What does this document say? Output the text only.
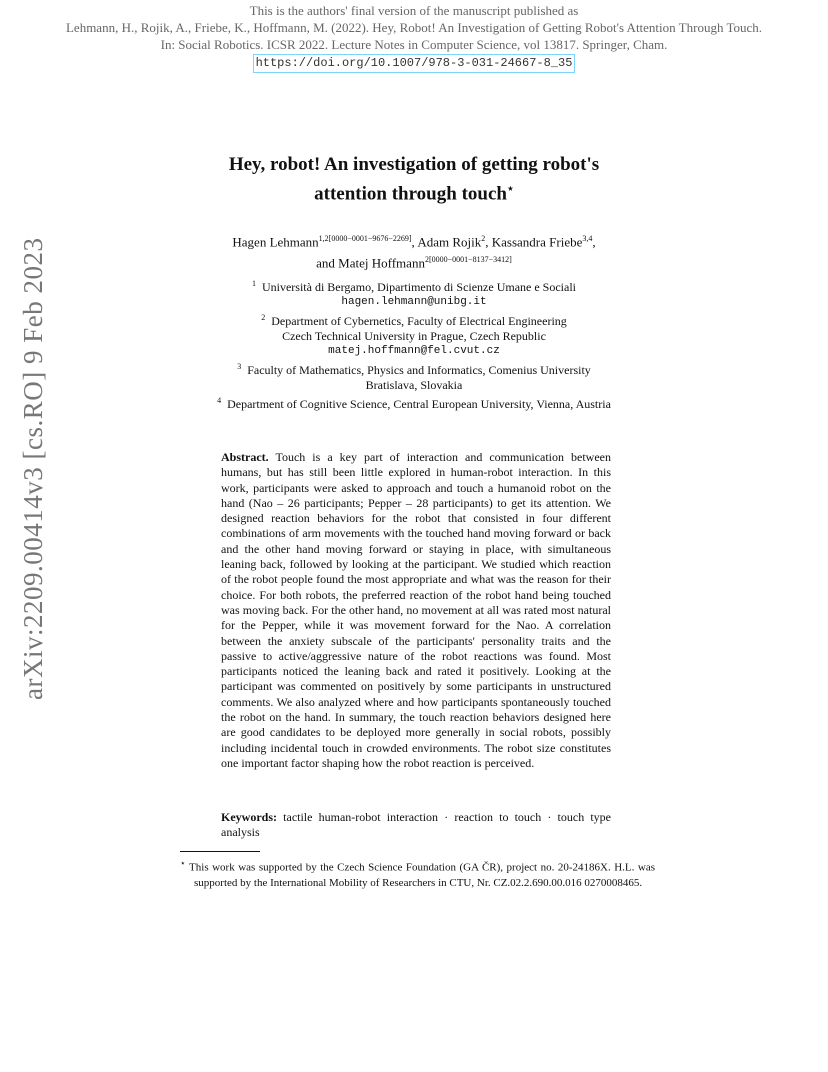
This is the authors' final version of the manuscript published as
Lehmann, H., Rojik, A., Friebe, K., Hoffmann, M. (2022). Hey, Robot! An Investigation of Getting Robot's Attention Through Touch.
In: Social Robotics. ICSR 2022. Lecture Notes in Computer Science, vol 13817. Springer, Cham.
https://doi.org/10.1007/978-3-031-24667-8_35
arXiv:2209.00414v3 [cs.RO] 9 Feb 2023
Hey, robot! An investigation of getting robot's
attention through touch⋆
Hagen Lehmann$^{1,2[0000-0001-9676-2269]}$, Adam Rojik$^2$, Kassandra Friebe$^{3,4}$,
and Matej Hoffmann$^{2[0000-0001-8137-3412]}$
$^1$ Università di Bergamo, Dipartimento di Scienze Umane e Sociali
hagen.lehmann@unibg.it
$^2$ Department of Cybernetics, Faculty of Electrical Engineering
Czech Technical University in Prague, Czech Republic
matej.hoffmann@fel.cvut.cz
$^3$ Faculty of Mathematics, Physics and Informatics, Comenius University
Bratislava, Slovakia
$^4$ Department of Cognitive Science, Central European University, Vienna, Austria
Abstract. Touch is a key part of interaction and communication between humans, but has still been little explored in human-robot interaction. In this work, participants were asked to approach and touch a humanoid robot on the hand (Nao – 26 participants; Pepper – 28 participants) to get its attention. We designed reaction behaviors for the robot that consisted in four different combinations of arm movements with the touched hand moving forward or back and the other hand moving forward or staying in place, with simultaneous leaning back, followed by looking at the participant. We studied which reaction of the robot people found the most appropriate and what was the reason for their choice. For both robots, the preferred reaction of the robot hand being touched was moving back. For the other hand, no movement at all was rated most natural for the Pepper, while it was movement forward for the Nao. A correlation between the anxiety subscale of the participants' personality traits and the passive to active/aggressive nature of the robot reactions was found. Most participants noticed the leaning back and rated it positively. Looking at the participant was commented on positively by some participants in unstructured comments. We also analyzed where and how participants spontaneously touched the robot on the hand. In summary, the touch reaction behaviors designed here are good candidates to be deployed more generally in social robots, possibly including incidental touch in crowded environments. The robot size constitutes one important factor shaping how the robot reaction is perceived.
Keywords: tactile human-robot interaction · reaction to touch · touch type analysis
⋆ This work was supported by the Czech Science Foundation (GA ČR), project no. 20-24186X. H.L. was supported by the International Mobility of Researchers in CTU, Nr. CZ.02.2.690.00.016 0270008465.
